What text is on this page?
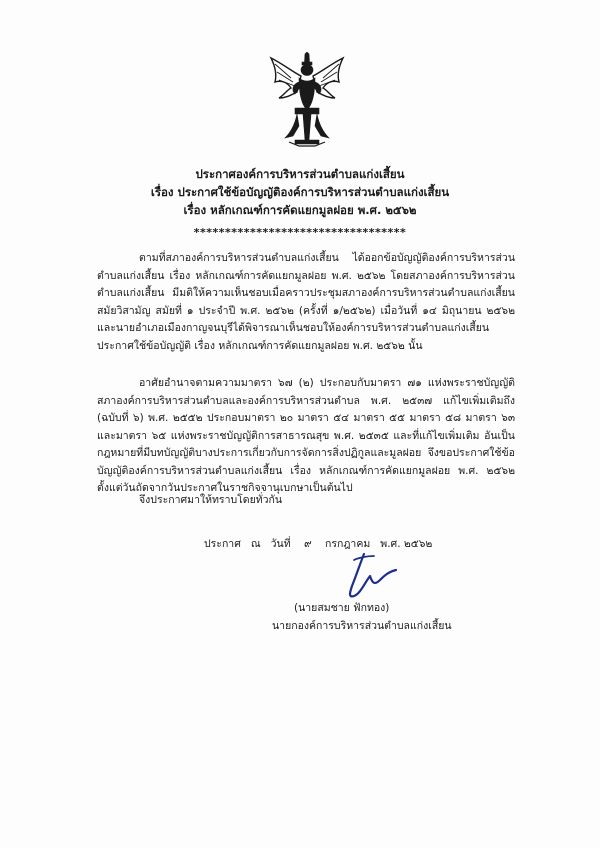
ประกาศองค์การบริหารส่วนตำบลแก่งเสี้ยน
เรื่อง ประกาศใช้ข้อบัญญัติองค์การบริหารส่วนตำบลแก่งเสี้ยน
เรื่อง หลักเกณฑ์การคัดแยกมูลฝอย พ.ศ. ๒๕๖๒
**********************************
ตามที่สภาองค์การบริหารส่วนตำบลแก่งเสี้ยน ได้ออกข้อบัญญัติองค์การบริหารส่วนตำบลแก่งเสี้ยน เรื่อง หลักเกณฑ์การคัดแยกมูลฝอย พ.ศ. ๒๕๖๒ โดยสภาองค์การบริหารส่วนตำบลแก่งเสี้ยน มีมติให้ความเห็นชอบเมื่อคราวประชุมสภาองค์การบริหารส่วนตำบลแก่งเสี้ยน สมัยวิสามัญ สมัยที่ ๑ ประจำปี พ.ศ. ๒๕๖๒ (ครั้งที่ ๑/๒๕๖๒) เมื่อวันที่ ๑๔ มิถุนายน ๒๕๖๒ และนายอำเภอเมืองกาญจนบุรีได้พิจารณาเห็นชอบให้องค์การบริหารส่วนตำบลแก่งเสี้ยน ประกาศใช้ข้อบัญญัติ เรื่อง หลักเกณฑ์การคัดแยกมูลฝอย พ.ศ. ๒๕๖๒ นั้น
อาศัยอำนาจตามความมาตรา ๖๗ (๒) ประกอบกับมาตรา ๗๑ แห่งพระราชบัญญัติสภาองค์การบริหารส่วนตำบลและองค์การบริหารส่วนตำบล พ.ศ. ๒๕๓๗ แก้ไขเพิ่มเติมถึง (ฉบับที่ ๖) พ.ศ. ๒๕๕๒ ประกอบมาตรา ๒๐ มาตรา ๕๔ มาตรา ๕๕ มาตรา ๕๘ มาตรา ๖๓ และมาตรา ๖๕ แห่งพระราชบัญญัติการสาธารณสุข พ.ศ. ๒๕๓๕ และที่แก้ไขเพิ่มเติม อันเป็นกฎหมายที่มีบทบัญญัติบางประการเกี่ยวกับการจัดการสิ่งปฏิกูลและมูลฝอย จึงขอประกาศใช้ข้อบัญญัติองค์การบริหารส่วนตำบลแก่งเสี้ยน เรื่อง หลักเกณฑ์การคัดแยกมูลฝอย พ.ศ. ๒๕๖๒ ตั้งแต่วันถัดจากวันประกาศในราชกิจจานุเบกษาเป็นต้นไป
จึงประกาศมาให้ทราบโดยทั่วกัน
ประกาศ   ณ   วันที่    ๙    กรกฎาคม   พ.ศ. ๒๕๖๒
(นายสมชาย ฟักทอง)
นายกองค์การบริหารส่วนตำบลแก่งเสี้ยน
